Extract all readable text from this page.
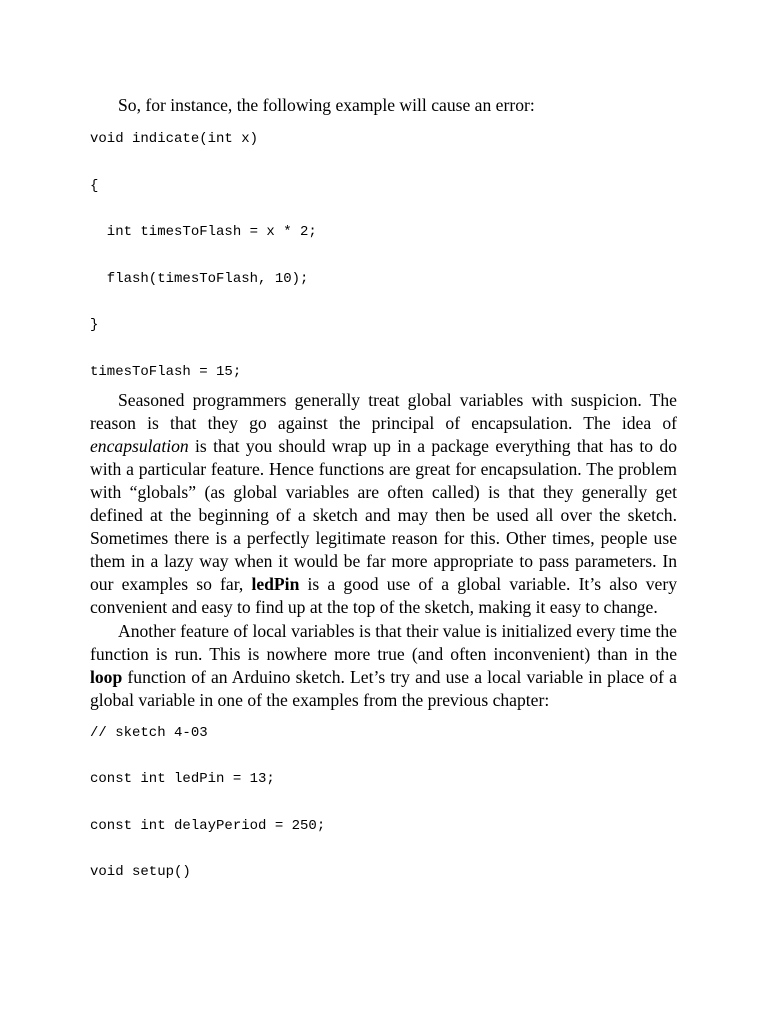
So, for instance, the following example will cause an error:

void indicate(int x)

{

int timesToFlash = x * 2;

flash(timesToFlash, 10);

}

timesToFlash = 15;

Seasoned programmers generally treat global variables with suspicion. The reason is that they go against the principal of encapsulation. The idea of encapsulation is that you should wrap up in a package everything that has to do with a particular feature. Hence functions are great for encapsulation. The problem with “globals” (as global variables are often called) is that they generally get defined at the beginning of a sketch and may then be used all over the sketch. Sometimes there is a perfectly legitimate reason for this. Other times, people use them in a lazy way when it would be far more appropriate to pass parameters. In our examples so far, ledPin is a good use of a global variable. It’s also very convenient and easy to find up at the top of the sketch, making it easy to change.

Another feature of local variables is that their value is initialized every time the function is run. This is nowhere more true (and often inconvenient) than in the loop function of an Arduino sketch. Let’s try and use a local variable in place of a global variable in one of the examples from the previous chapter:

// sketch 4-03

const int ledPin = 13;

const int delayPeriod = 250;

void setup()
